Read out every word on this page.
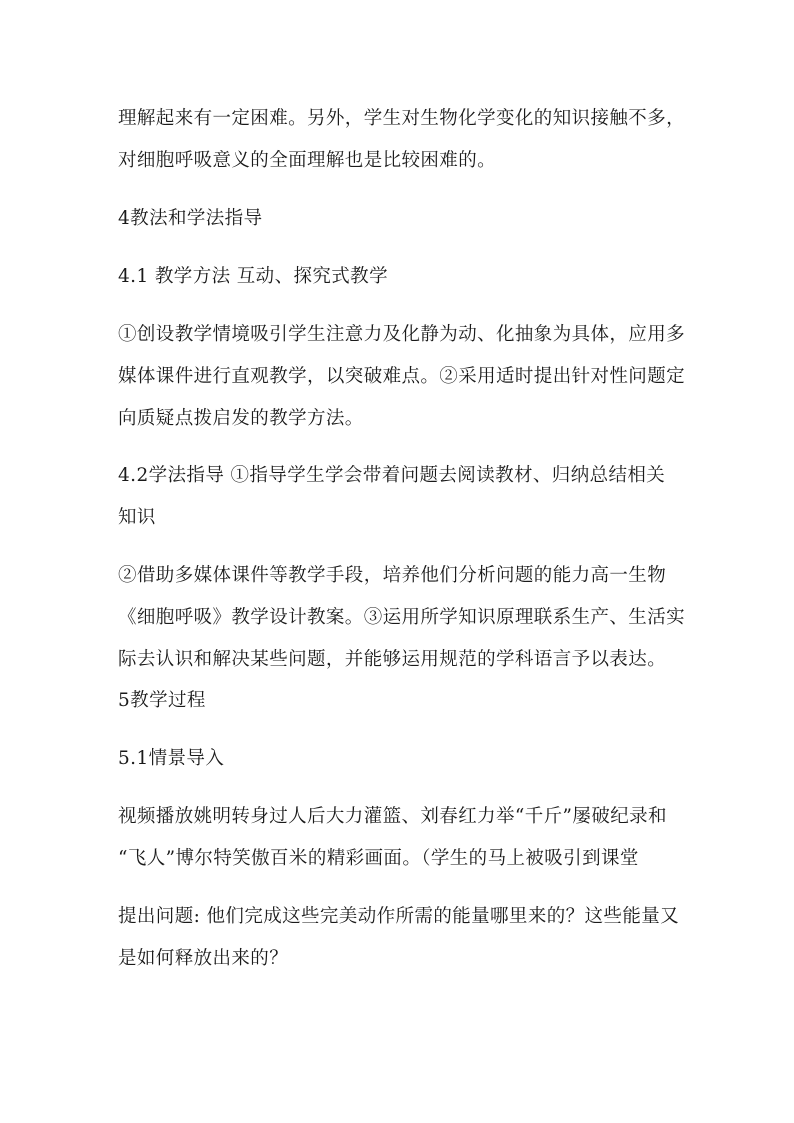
理解起来有一定困难。另外，学生对生物化学变化的知识接触不多，
对细胞呼吸意义的全面理解也是比较困难的。
4教法和学法指导
4.1 教学方法 互动、探究式教学
①创设教学情境吸引学生注意力及化静为动、化抽象为具体，应用多
媒体课件进行直观教学，以突破难点。②采用适时提出针对性问题定
向质疑点拨启发的教学方法。
4.2学法指导 ①指导学生学会带着问题去阅读教材、归纳总结相关
知识
②借助多媒体课件等教学手段，培养他们分析问题的能力高一生物
《细胞呼吸》教学设计教案。③运用所学知识原理联系生产、生活实
际去认识和解决某些问题，并能够运用规范的学科语言予以表达。
5教学过程
5.1情景导入
视频播放姚明转身过人后大力灌篮、刘春红力举“千斤”屡破纪录和
“飞人”博尔特笑傲百米的精彩画面。（学生的马上被吸引到课堂
提出问题: 他们完成这些完美动作所需的能量哪里来的？这些能量又
是如何释放出来的？
